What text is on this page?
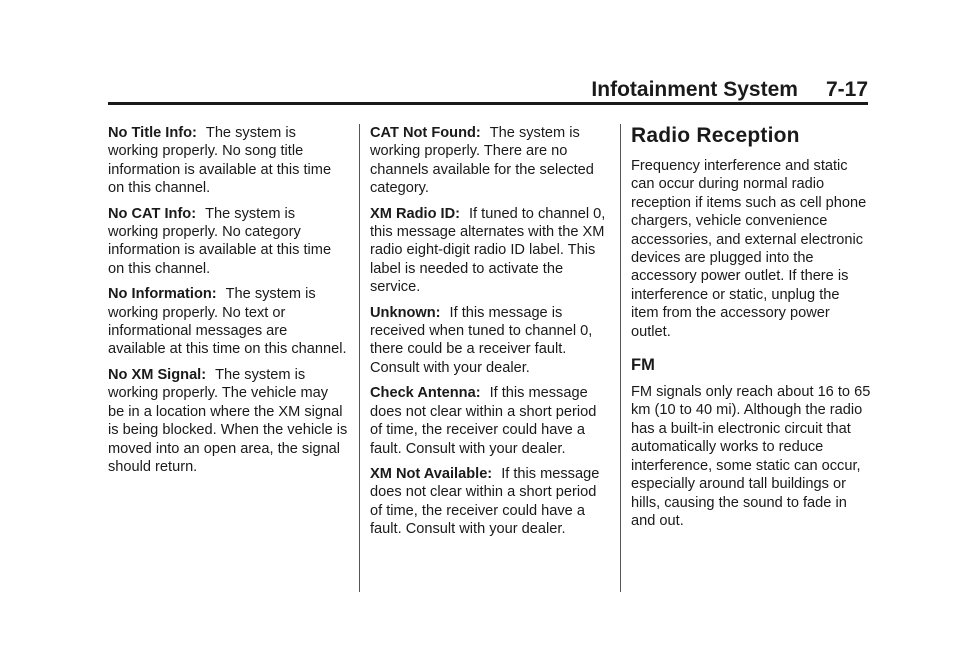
Infotainment System 7-17

No Title Info: The system is working properly. No song title information is available at this time on this channel.

No CAT Info: The system is working properly. No category information is available at this time on this channel.

No Information: The system is working properly. No text or informational messages are available at this time on this channel.

No XM Signal: The system is working properly. The vehicle may be in a location where the XM signal is being blocked. When the vehicle is moved into an open area, the signal should return.

CAT Not Found: The system is working properly. There are no channels available for the selected category.

XM Radio ID: If tuned to channel 0, this message alternates with the XM radio eight-digit radio ID label. This label is needed to activate the service.

Unknown: If this message is received when tuned to channel 0, there could be a receiver fault. Consult with your dealer.

Check Antenna: If this message does not clear within a short period of time, the receiver could have a fault. Consult with your dealer.

XM Not Available: If this message does not clear within a short period of time, the receiver could have a fault. Consult with your dealer.

Radio Reception

Frequency interference and static can occur during normal radio reception if items such as cell phone chargers, vehicle convenience accessories, and external electronic devices are plugged into the accessory power outlet. If there is interference or static, unplug the item from the accessory power outlet.

FM

FM signals only reach about 16 to 65 km (10 to 40 mi). Although the radio has a built-in electronic circuit that automatically works to reduce interference, some static can occur, especially around tall buildings or hills, causing the sound to fade in and out.
